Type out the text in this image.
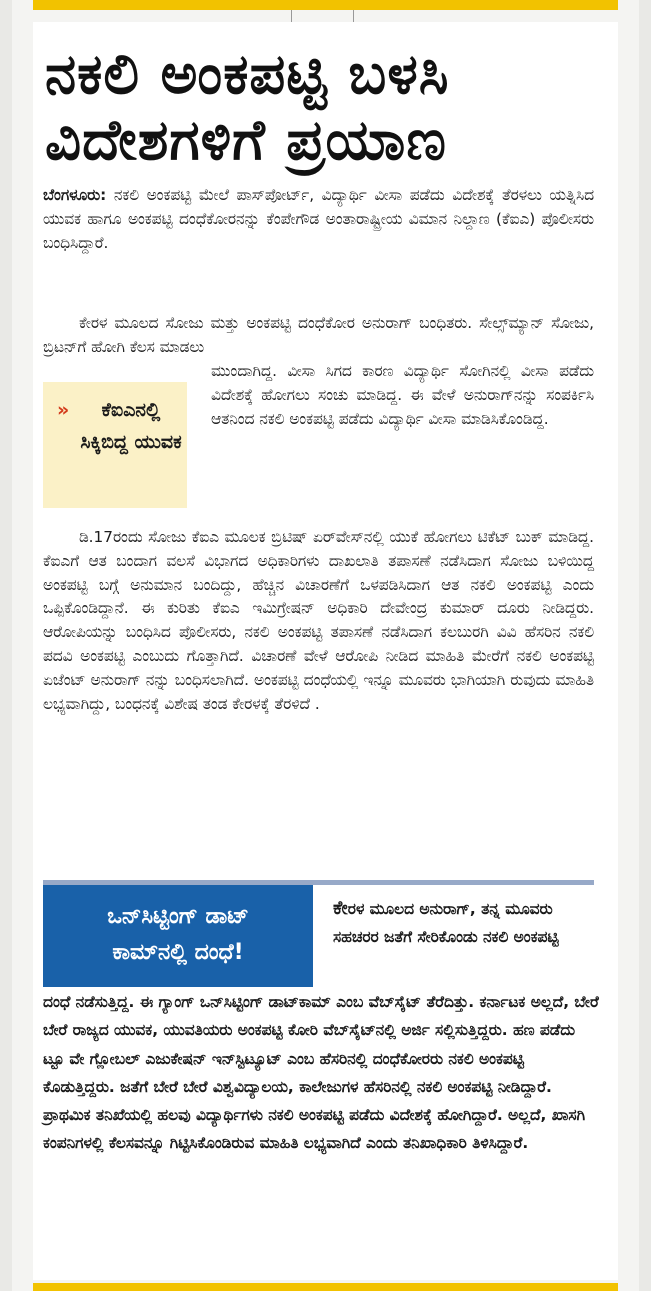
ನಕಲಿ ಅಂಕಪಟ್ಟಿ ಬಳಸಿ
ವಿದೇಶಗಳಿಗೆ ಪ್ರಯಾಣ
ಬೆಂಗಳೂರು: ನಕಲಿ ಅಂಕಪಟ್ಟಿ ಮೇಲೆ ಪಾಸ್‌ಪೋರ್ಟ್, ವಿದ್ಯಾರ್ಥಿ ವೀಸಾ ಪಡೆದು ವಿದೇಶಕ್ಕೆ ತೆರಳಲು ಯತ್ನಿಸಿದ ಯುವಕ ಹಾಗೂ ಅಂಕಪಟ್ಟಿ ದಂಧೆಕೋರನನ್ನು ಕೆಂಪೇಗೌಡ ಅಂತಾರಾಷ್ಟ್ರೀಯ ವಿಮಾನ ನಿಲ್ದಾಣ (ಕೆಐಎ) ಪೊಲೀಸರು ಬಂಧಿಸಿದ್ದಾರೆ.
ಕೇರಳ ಮೂಲದ ಸೋಜು ಮತ್ತು ಅಂಕಪಟ್ಟಿ ದಂಧೆಕೋರ ಅನುರಾಗ್ ಬಂಧಿತರು. ಸೇಲ್ಸ್‌ಮ್ಯಾನ್ ಸೋಜು, ಬ್ರಿಟನ್‌ಗೆ ಹೋಗಿ ಕೆಲಸ ಮಾಡಲು
»	ಕೆಐಎನಲ್ಲಿ ಸಿಕ್ಕಿಬಿದ್ದ ಯುವಕ
ಮುಂದಾಗಿದ್ದ. ವೀಸಾ ಸಿಗದ ಕಾರಣ ವಿದ್ಯಾರ್ಥಿ ಸೋಗಿನಲ್ಲಿ ವೀಸಾ ಪಡೆದು ವಿದೇಶಕ್ಕೆ ಹೋಗಲು ಸಂಚು ಮಾಡಿದ್ದ. ಈ ವೇಳೆ ಅನುರಾಗ್‌ನನ್ನು ಸಂಪರ್ಕಿಸಿ ಆತನಿಂದ ನಕಲಿ ಅಂಕಪಟ್ಟಿ ಪಡೆದು ವಿದ್ಯಾರ್ಥಿ ವೀಸಾ ಮಾಡಿಸಿಕೊಂಡಿದ್ದ.
ಡಿ.17ರಂದು ಸೋಜು ಕೆಐಎ ಮೂಲಕ ಬ್ರಿಟಿಷ್ ಏರ್‌ವೇಸ್‌ನಲ್ಲಿ ಯುಕೆ ಹೋಗಲು ಟಿಕೆಟ್ ಬುಕ್ ಮಾಡಿದ್ದ. ಕೆಐಎಗೆ ಆತ ಬಂದಾಗ ವಲಸೆ ವಿಭಾಗದ ಅಧಿಕಾರಿಗಳು ದಾಖಲಾತಿ ತಪಾಸಣೆ ನಡೆಸಿದಾಗ ಸೋಜು ಬಳಿಯಿದ್ದ ಅಂಕಪಟ್ಟಿ ಬಗ್ಗೆ ಅನುಮಾನ ಬಂದಿದ್ದು, ಹೆಚ್ಚಿನ ವಿಚಾರಣೆಗೆ ಒಳಪಡಿಸಿದಾಗ ಆತ ನಕಲಿ ಅಂಕಪಟ್ಟಿ ಎಂದು ಒಪ್ಪಿಕೊಂಡಿದ್ದಾನೆ. ಈ ಕುರಿತು ಕೆಐಎ ಇಮಿಗ್ರೇಷನ್ ಅಧಿಕಾರಿ ದೇವೇಂದ್ರ ಕುಮಾರ್ ದೂರು ನೀಡಿದ್ದರು. ಆರೋಪಿಯನ್ನು ಬಂಧಿಸಿದ ಪೊಲೀಸರು, ನಕಲಿ ಅಂಕಪಟ್ಟಿ ತಪಾಸಣೆ ನಡೆಸಿದಾಗ ಕಲಬುರಗಿ ವಿವಿ ಹೆಸರಿನ ನಕಲಿ ಪದವಿ ಅಂಕಪಟ್ಟಿ ಎಂಬುದು ಗೊತ್ತಾಗಿದೆ. ವಿಚಾರಣೆ ವೇಳೆ ಆರೋಪಿ ನೀಡಿದ ಮಾಹಿತಿ ಮೇರೆಗೆ ನಕಲಿ ಅಂಕಪಟ್ಟಿ ಏಜೆಂಟ್ ಅನುರಾಗ್ ನನ್ನು ಬಂಧಿಸಲಾಗಿದೆ. ಅಂಕಪಟ್ಟಿ ದಂಧೆಯಲ್ಲಿ ಇನ್ನೂ ಮೂವರು ಭಾಗಿಯಾಗಿ ರುವುದು ಮಾಹಿತಿ ಲಭ್ಯವಾಗಿದ್ದು, ಬಂಧನಕ್ಕೆ ವಿಶೇಷ ತಂಡ ಕೇರಳಕ್ಕೆ ತೆರಳಿದೆ .
ಒನ್‌ಸಿಟ್ಟಿಂಗ್ ಡಾಟ್
ಕಾಮ್‌ನಲ್ಲಿ ದಂಧೆ!
ಕೇರಳ ಮೂಲದ ಅನುರಾಗ್, ತನ್ನ ಮೂವರು ಸಹಚರರ ಜತೆಗೆ ಸೇರಿಕೊಂಡು ನಕಲಿ ಅಂಕಪಟ್ಟಿ
ದಂಧೆ ನಡೆಸುತ್ತಿದ್ದ. ಈ ಗ್ಯಾಂಗ್ ಒನ್‌ಸಿಟ್ಟಿಂಗ್ ಡಾಟ್‌ಕಾಮ್ ಎಂಬ ವೆಬ್‌ಸೈಟ್ ತೆರೆದಿತ್ತು. ಕರ್ನಾಟಕ ಅಲ್ಲದೆ, ಬೇರೆ ಬೇರೆ ರಾಜ್ಯದ ಯುವಕ, ಯುವತಿಯರು ಅಂಕಪಟ್ಟಿ ಕೋರಿ ವೆಬ್‌ಸೈಟ್‌ನಲ್ಲಿ ಅರ್ಜಿ ಸಲ್ಲಿಸುತ್ತಿದ್ದರು. ಹಣ ಪಡೆದು ಟ್ಟೂ ವೇ ಗ್ಲೋಬಲ್ ಎಜುಕೇಷನ್ ಇನ್‌ಸ್ಟಿಟ್ಯೂಟ್ ಎಂಬ ಹೆಸರಿನಲ್ಲಿ ದಂಧೆಕೋರರು ನಕಲಿ ಅಂಕಪಟ್ಟಿ ಕೊಡುತ್ತಿದ್ದರು. ಜತೆಗೆ ಬೇರೆ ಬೇರೆ ವಿಶ್ವವಿದ್ಯಾಲಯ, ಕಾಲೇಜುಗಳ ಹೆಸರಿನಲ್ಲಿ ನಕಲಿ ಅಂಕಪಟ್ಟಿ ನೀಡಿದ್ದಾರೆ. ಪ್ರಾಥಮಿಕ ತನಿಖೆಯಲ್ಲಿ ಹಲವು ವಿದ್ಯಾರ್ಥಿಗಳು ನಕಲಿ ಅಂಕಪಟ್ಟಿ ಪಡೆದು ವಿದೇಶಕ್ಕೆ ಹೋಗಿದ್ದಾರೆ. ಅಲ್ಲದೆ, ಖಾಸಗಿ ಕಂಪನಿಗಳಲ್ಲಿ ಕೆಲಸವನ್ನೂ ಗಿಟ್ಟಿಸಿಕೊಂಡಿರುವ ಮಾಹಿತಿ ಲಭ್ಯವಾಗಿದೆ ಎಂದು ತನಿಖಾಧಿಕಾರಿ ತಿಳಿಸಿದ್ದಾರೆ.
